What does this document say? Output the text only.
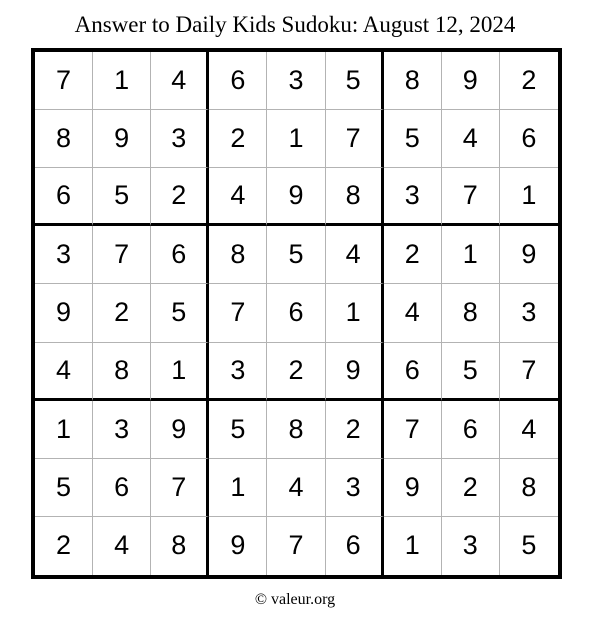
Answer to Daily Kids Sudoku: August 12, 2024
7	1	4	6	3	5	8	9	2
8	9	3	2	1	7	5	4	6
6	5	2	4	9	8	3	7	1
3	7	6	8	5	4	2	1	9
9	2	5	7	6	1	4	8	3
4	8	1	3	2	9	6	5	7
1	3	9	5	8	2	7	6	4
5	6	7	1	4	3	9	2	8
2	4	8	9	7	6	1	3	5
© valeur.org
